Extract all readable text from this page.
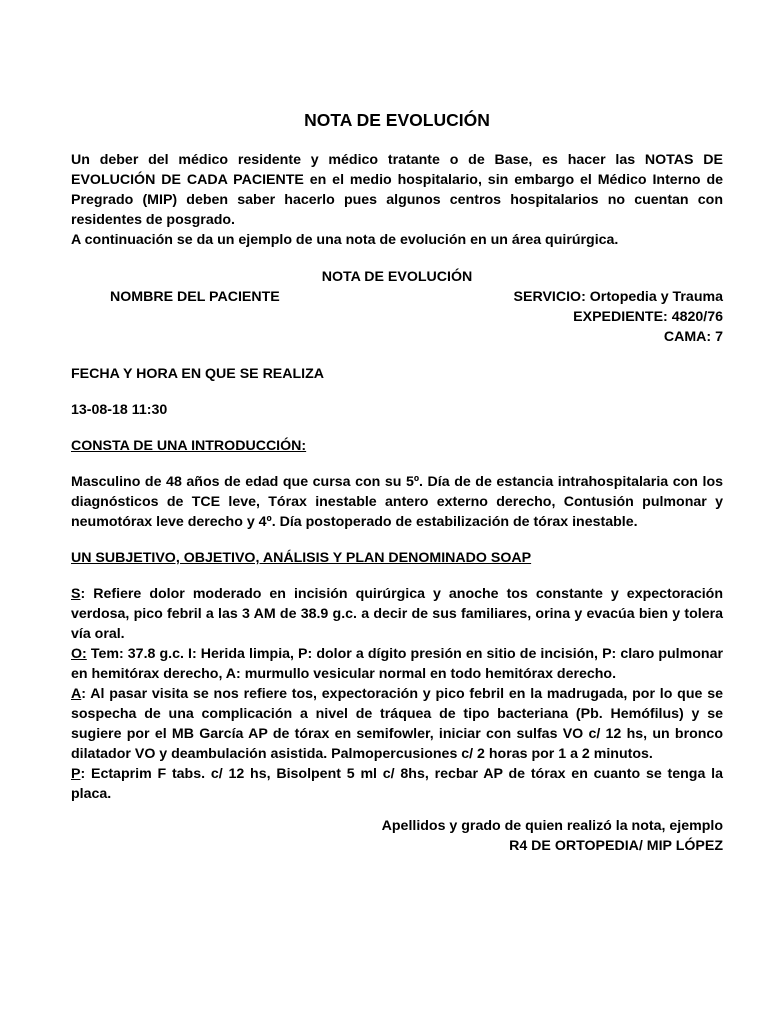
NOTA DE EVOLUCIÓN

Un deber del médico residente y médico tratante o de Base, es hacer las NOTAS DE EVOLUCIÓN DE CADA PACIENTE en el medio hospitalario, sin embargo el Médico Interno de Pregrado (MIP) deben saber hacerlo pues algunos centros hospitalarios no cuentan con residentes de posgrado.

A continuación se da un ejemplo de una nota de evolución en un área quirúrgica.

NOTA DE EVOLUCIÓN
NOMBRE DEL PACIENTE	SERVICIO: Ortopedia y Trauma
EXPEDIENTE: 4820/76
CAMA: 7
FECHA Y HORA EN QUE SE REALIZA
13-08-18 11:30
CONSTA DE UNA INTRODUCCIÓN:

Masculino de 48 años de edad que cursa con su 5º. Día de de estancia intrahospitalaria con los diagnósticos de TCE leve, Tórax inestable antero externo derecho, Contusión pulmonar y neumotórax leve derecho y 4º. Día postoperado de estabilización de tórax inestable.

UN SUBJETIVO, OBJETIVO, ANÁLISIS Y PLAN DENOMINADO SOAP

S: Refiere dolor moderado en incisión quirúrgica y anoche tos constante y expectoración verdosa, pico febril a las 3 AM de 38.9 g.c. a decir de sus familiares, orina y evacúa bien y tolera vía oral.

O: Tem: 37.8 g.c. I: Herida limpia, P: dolor a dígito presión en sitio de incisión, P: claro pulmonar en hemitórax derecho, A: murmullo vesicular normal en todo hemitórax derecho.

A: Al pasar visita se nos refiere tos, expectoración y pico febril en la madrugada, por lo que se sospecha de una complicación a nivel de tráquea de tipo bacteriana (Pb. Hemófilus) y se sugiere por el MB García AP de tórax en semifowler, iniciar con sulfas VO c/ 12 hs, un bronco dilatador VO y deambulación asistida. Palmopercusiones c/ 2 horas por 1 a 2 minutos.

P: Ectaprim F tabs. c/ 12 hs, Bisolpent 5 ml c/ 8hs, recbar AP de tórax en cuanto se tenga la placa.

Apellidos y grado de quien realizó la nota, ejemplo
R4 DE ORTOPEDIA/ MIP LÓPEZ
